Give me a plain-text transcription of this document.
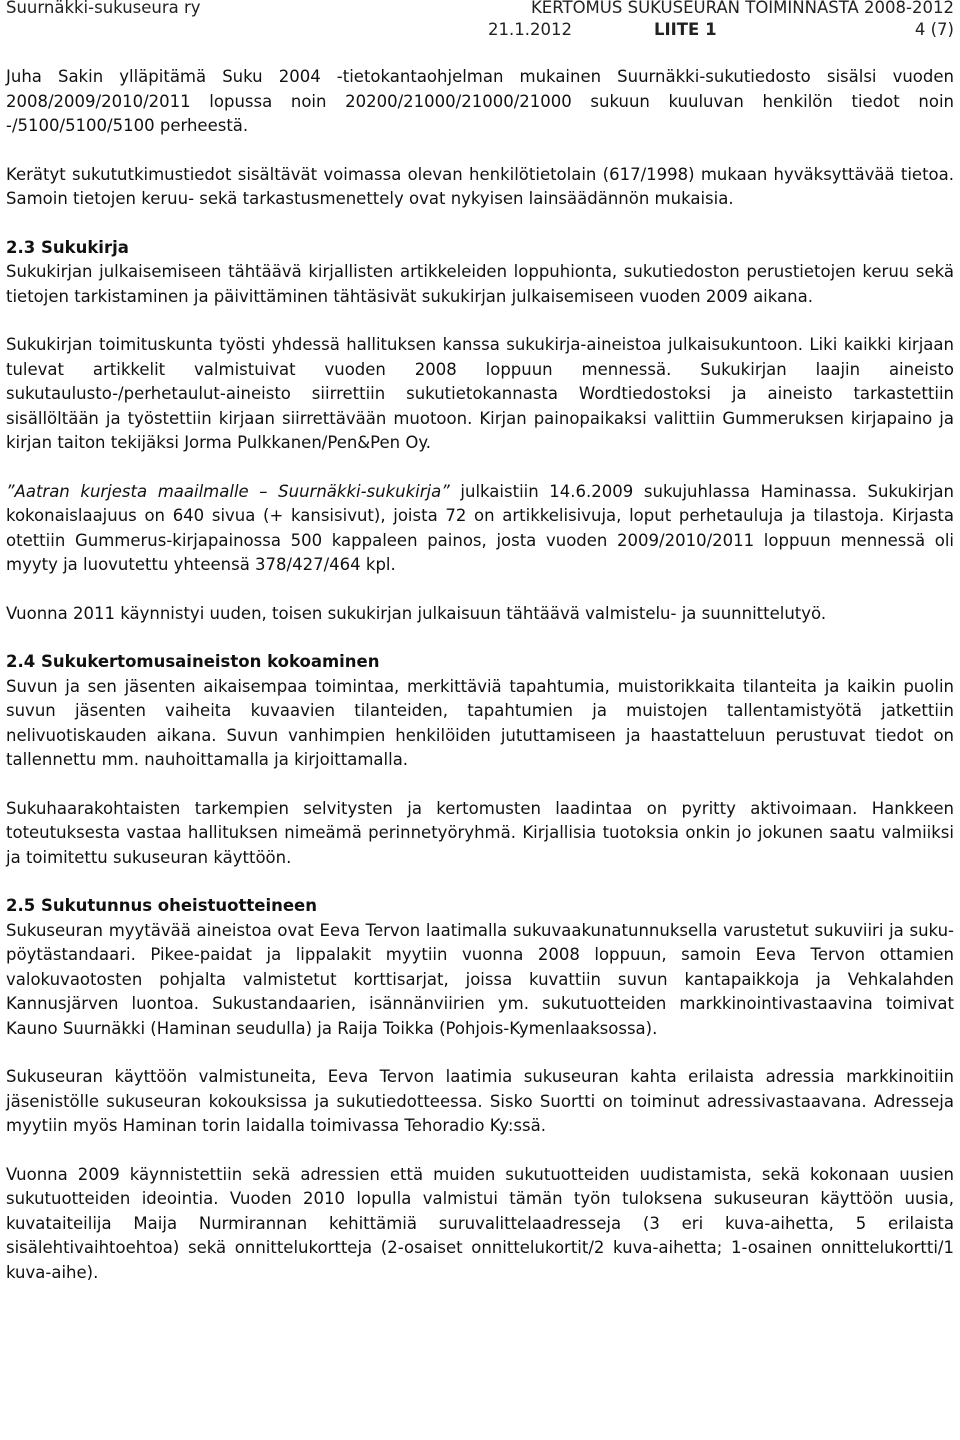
Suurnäkki-sukuseura ry	KERTOMUS SUKUSEURAN TOIMINNASTA 2008-2012
21.1.2012	LIITE 1	4 (7)

Juha Sakin ylläpitämä Suku 2004 -tietokantaohjelman mukainen Suurnäkki-sukutiedosto sisälsi vuoden 2008/2009/2010/2011 lopussa noin 20200/21000/21000/21000 sukuun kuuluvan henkilön tiedot noin -/5100/5100/5100 perheestä.

Kerätyt sukututkimustiedot sisältävät voimassa olevan henkilötietolain (617/1998) mukaan hyväksyttävää tietoa. Samoin tietojen keruu- sekä tarkastusmenettely ovat nykyisen lainsäädännön mukaisia.

2.3 Sukukirja

Sukukirjan julkaisemiseen tähtäävä kirjallisten artikkeleiden loppuhionta, sukutiedoston perustietojen keruu sekä tietojen tarkistaminen ja päivittäminen tähtäsivät sukukirjan julkaisemiseen vuoden 2009 aikana.

Sukukirjan toimituskunta työsti yhdessä hallituksen kanssa sukukirja-aineistoa julkaisukuntoon. Liki kaikki kirjaan tulevat artikkelit valmistuivat vuoden 2008 loppuun mennessä. Sukukirjan laajin aineisto sukutaulusto-/perhetaulut-aineisto siirrettiin sukutietokannasta Wordtiedostoksi ja aineisto tarkastettiin sisällöltään ja työstettiin kirjaan siirrettävään muotoon. Kirjan painopaikaksi valittiin Gummeruksen kirjapaino ja kirjan taiton tekijäksi Jorma Pulkkanen/Pen&Pen Oy.

”Aatran kurjesta maailmalle – Suurnäkki-sukukirja” julkaistiin 14.6.2009 sukujuhlassa Haminassa. Sukukirjan kokonaislaajuus on 640 sivua (+ kansisivut), joista 72 on artikkelisivuja, loput perhetauluja ja tilastoja. Kirjasta otettiin Gummerus-kirjapainossa 500 kappaleen painos, josta vuoden 2009/2010/2011 loppuun mennessä oli myyty ja luovutettu yhteensä 378/427/464 kpl.

Vuonna 2011 käynnistyi uuden, toisen sukukirjan julkaisuun tähtäävä valmistelu- ja suunnittelutyö.

2.4 Sukukertomusaineiston kokoaminen

Suvun ja sen jäsenten aikaisempaa toimintaa, merkittäviä tapahtumia, muistorikkaita tilanteita ja kaikin puolin suvun jäsenten vaiheita kuvaavien tilanteiden, tapahtumien ja muistojen tallentamistyötä jatkettiin nelivuotiskauden aikana. Suvun vanhimpien henkilöiden jututtamiseen ja haastatteluun perustuvat tiedot on tallennettu mm. nauhoittamalla ja kirjoittamalla.

Sukuhaarakohtaisten tarkempien selvitysten ja kertomusten laadintaa on pyritty aktivoimaan. Hankkeen toteutuksesta vastaa hallituksen nimeämä perinnetyöryhmä. Kirjallisia tuotoksia onkin jo jokunen saatu valmiiksi ja toimitettu sukuseuran käyttöön.

2.5 Sukutunnus oheistuotteineen

Sukuseuran myytävää aineistoa ovat Eeva Tervon laatimalla sukuvaakunatunnuksella varustetut sukuviiri ja suku-pöytästandaari. Pikee-paidat ja lippalakit myytiin vuonna 2008 loppuun, samoin Eeva Tervon ottamien valokuvaotosten pohjalta valmistetut korttisarjat, joissa kuvattiin suvun kantapaikkoja ja Vehkalahden Kannusjärven luontoa. Sukustandaarien, isännänviirien ym. sukutuotteiden markkinointivastaavina toimivat Kauno Suurnäkki (Haminan seudulla) ja Raija Toikka (Pohjois-Kymenlaaksossa).

Sukuseuran käyttöön valmistuneita, Eeva Tervon laatimia sukuseuran kahta erilaista adressia markkinoitiin jäsenistölle sukuseuran kokouksissa ja sukutiedotteessa. Sisko Suortti on toiminut adressivastaavana. Adresseja myytiin myös Haminan torin laidalla toimivassa Tehoradio Ky:ssä.

Vuonna 2009 käynnistettiin sekä adressien että muiden sukutuotteiden uudistamista, sekä kokonaan uusien sukutuotteiden ideointia. Vuoden 2010 lopulla valmistui tämän työn tuloksena sukuseuran käyttöön uusia, kuvataiteilija Maija Nurmirannan kehittämiä suruvalittelaadresseja (3 eri kuva-aihetta, 5 erilaista sisälehtivaihtoehtoa) sekä onnittelukortteja (2-osaiset onnittelukortit/2 kuva-aihetta; 1-osainen onnittelukortti/1 kuva-aihe).
